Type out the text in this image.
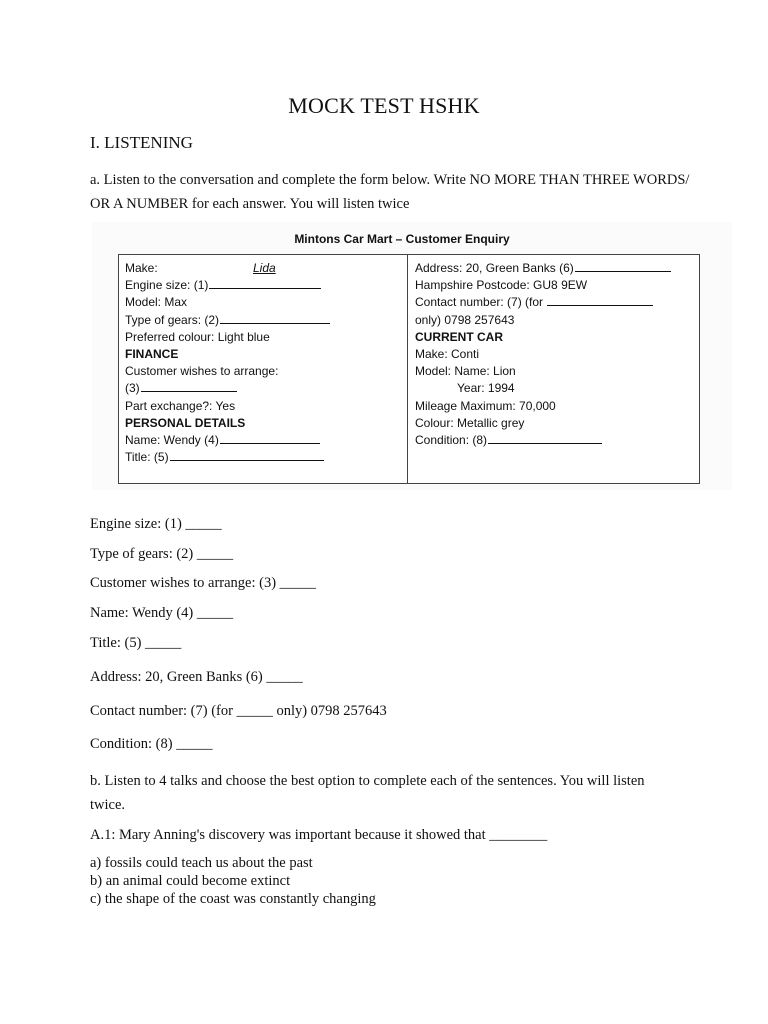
MOCK TEST HSHK
I. LISTENING
a. Listen to the conversation and complete the form below. Write NO MORE THAN THREE WORDS/ OR A NUMBER for each answer. You will listen twice
Mintons Car Mart – Customer Enquiry
Make:	Lida
Engine size: (1)
Model: Max
Type of gears: (2)
Preferred colour: Light blue
FINANCE
Customer wishes to arrange:
(3)
Part exchange?: Yes
PERSONAL DETAILS
Name: Wendy (4)
Title: (5)
Address: 20, Green Banks (6)
Hampshire Postcode: GU8 9EW
Contact number: (7) (for
only) 0798 257643
CURRENT CAR
Make: Conti
Model: Name: Lion
Year: 1994
Mileage Maximum: 70,000
Colour: Metallic grey
Condition: (8)
Engine size: (1) _____
Type of gears: (2) _____
Customer wishes to arrange: (3) _____
Name: Wendy (4) _____
Title: (5) _____
Address: 20, Green Banks (6) _____
Contact number: (7) (for _____ only) 0798 257643
Condition: (8) _____
b. Listen to 4 talks and choose the best option to complete each of the sentences. You will listen twice.
A.1: Mary Anning's discovery was important because it showed that ________
a) fossils could teach us about the past
b) an animal could become extinct
c) the shape of the coast was constantly changing
